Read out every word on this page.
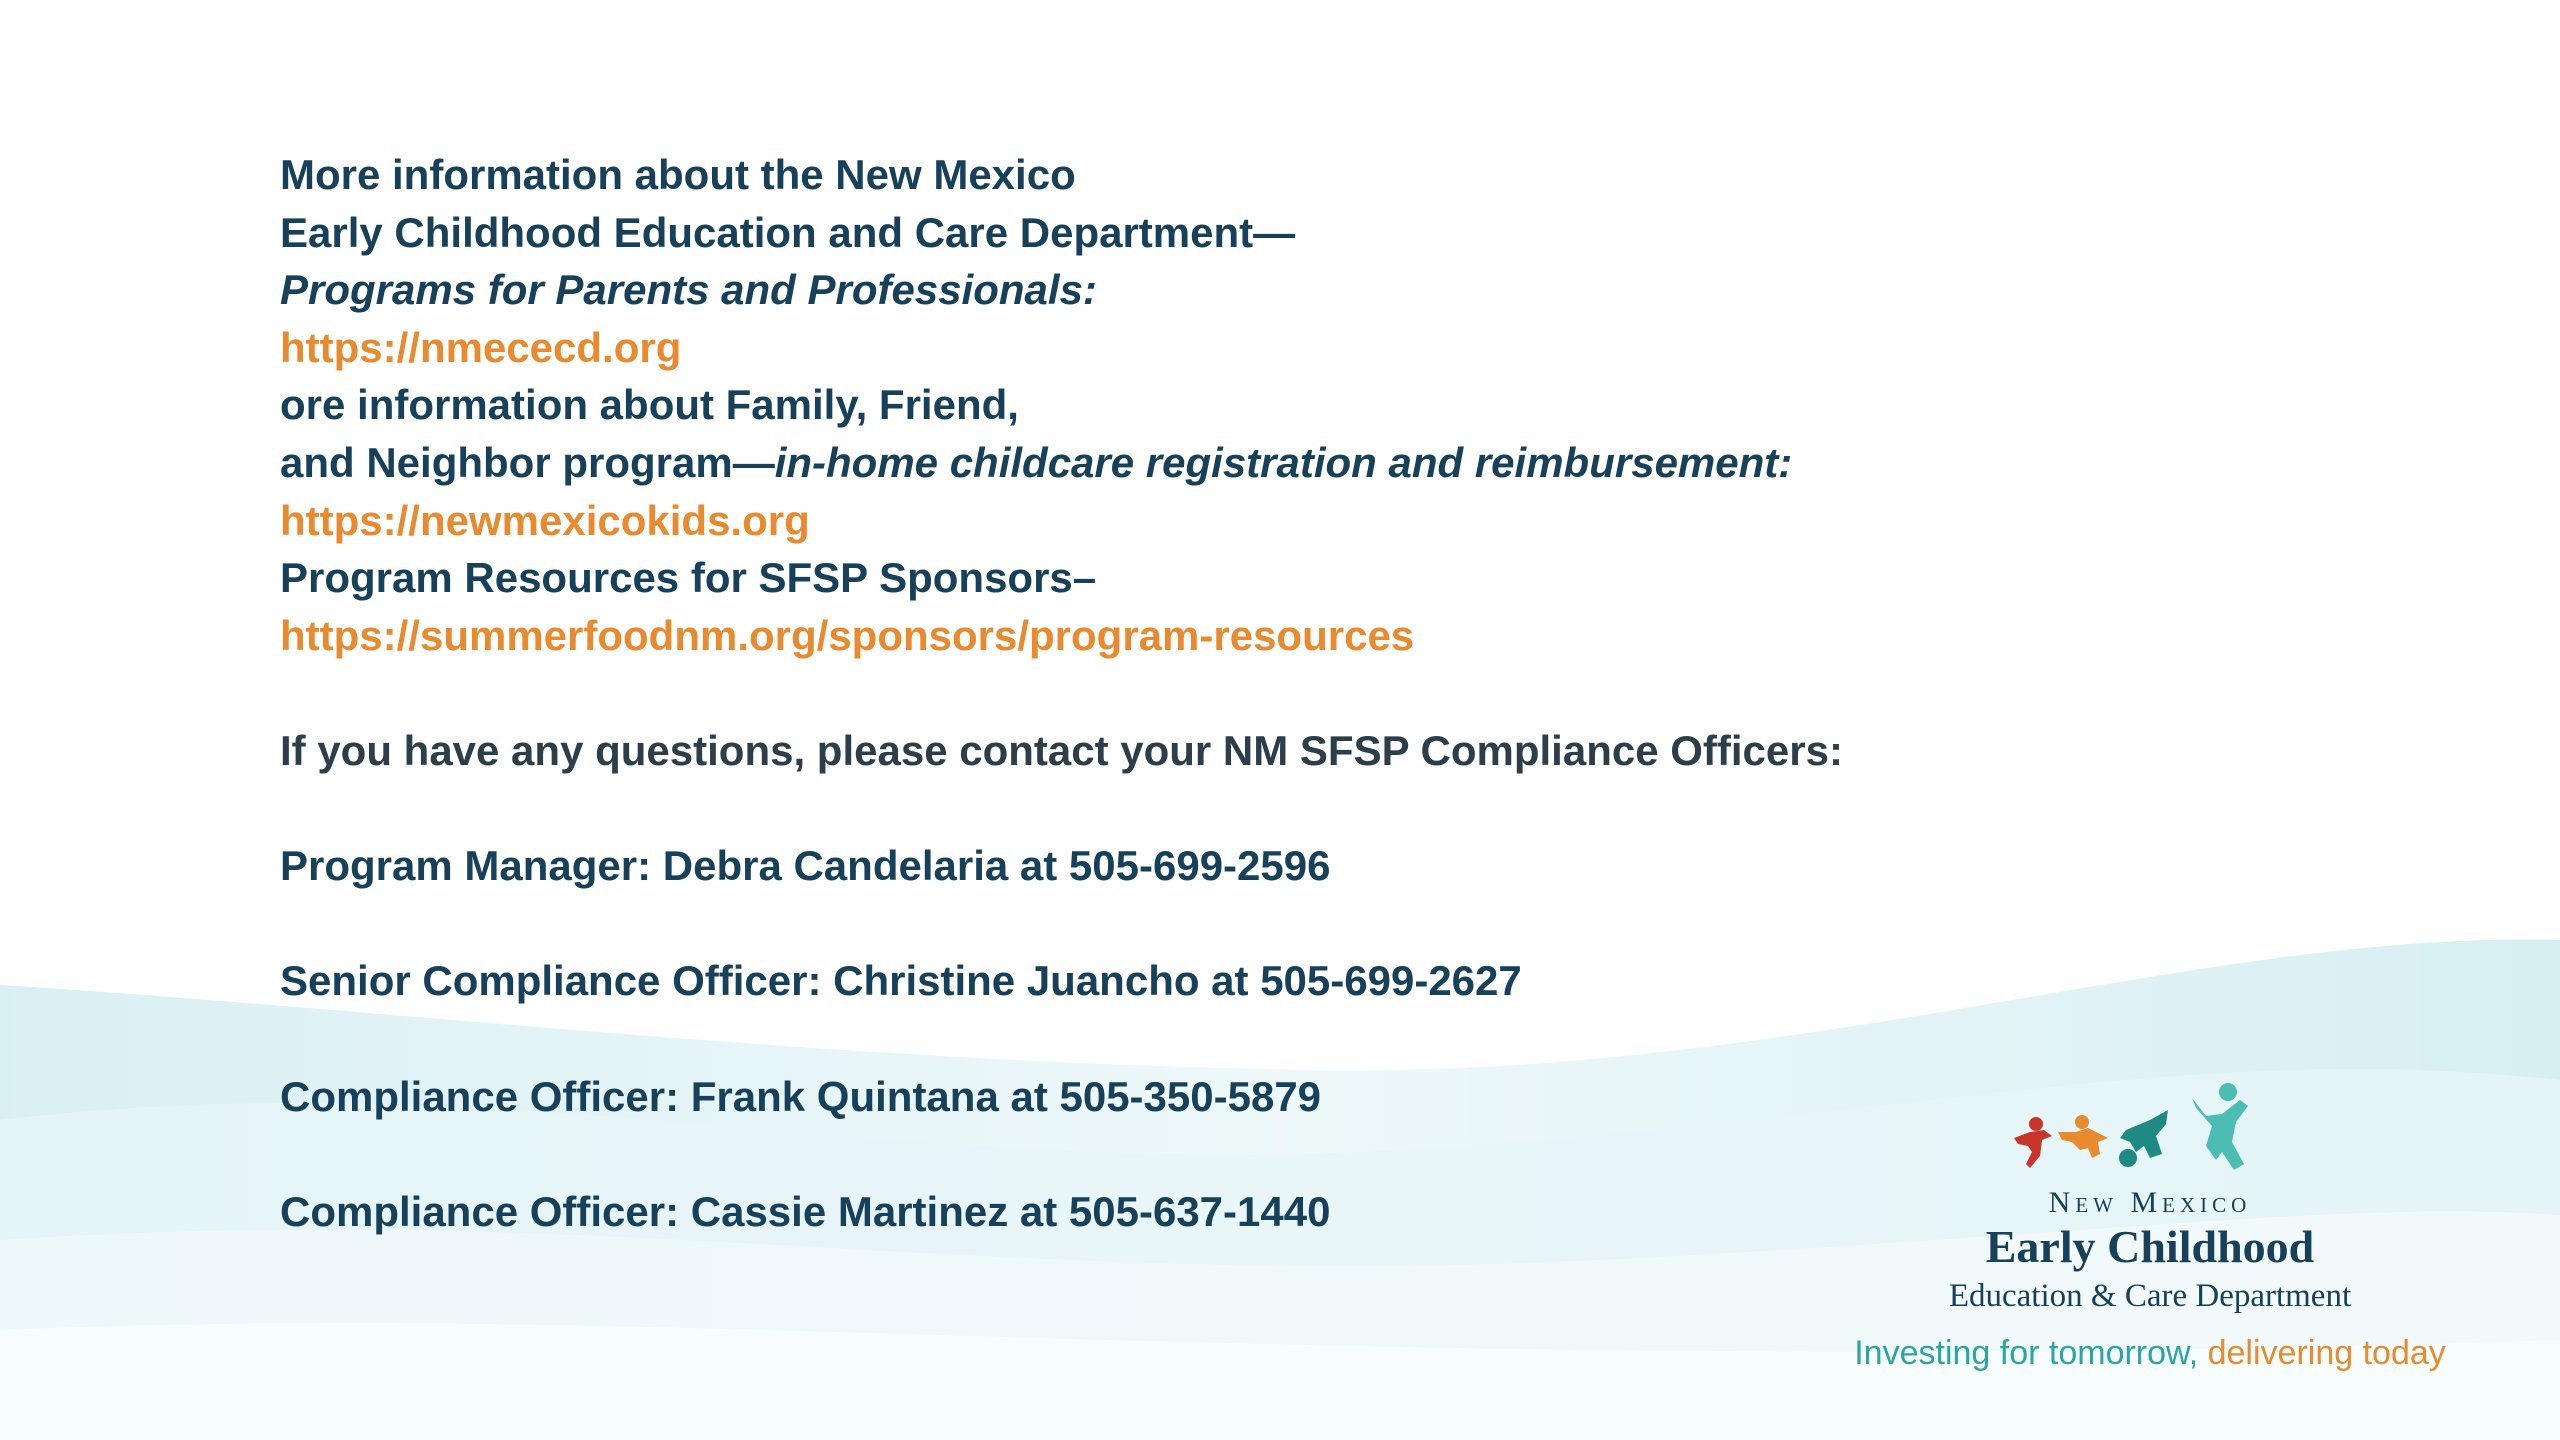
More information about the New Mexico
Early Childhood Education and Care Department—
Programs for Parents and Professionals:
https://nmececd.org
ore information about Family, Friend,
and Neighbor program—in-home childcare registration and reimbursement:
https://newmexicokids.org
Program Resources for SFSP Sponsors–
https://summerfoodnm.org/sponsors/program-resources
If you have any questions, please contact your NM SFSP Compliance Officers:
Program Manager: Debra Candelaria at 505-699-2596
Senior Compliance Officer: Christine Juancho at 505-699-2627
Compliance Officer: Frank Quintana at 505-350-5879
Compliance Officer: Cassie Martinez at 505-637-1440	New Mexico
Early Childhood
Education & Care Department
Investing for tomorrow, delivering today
